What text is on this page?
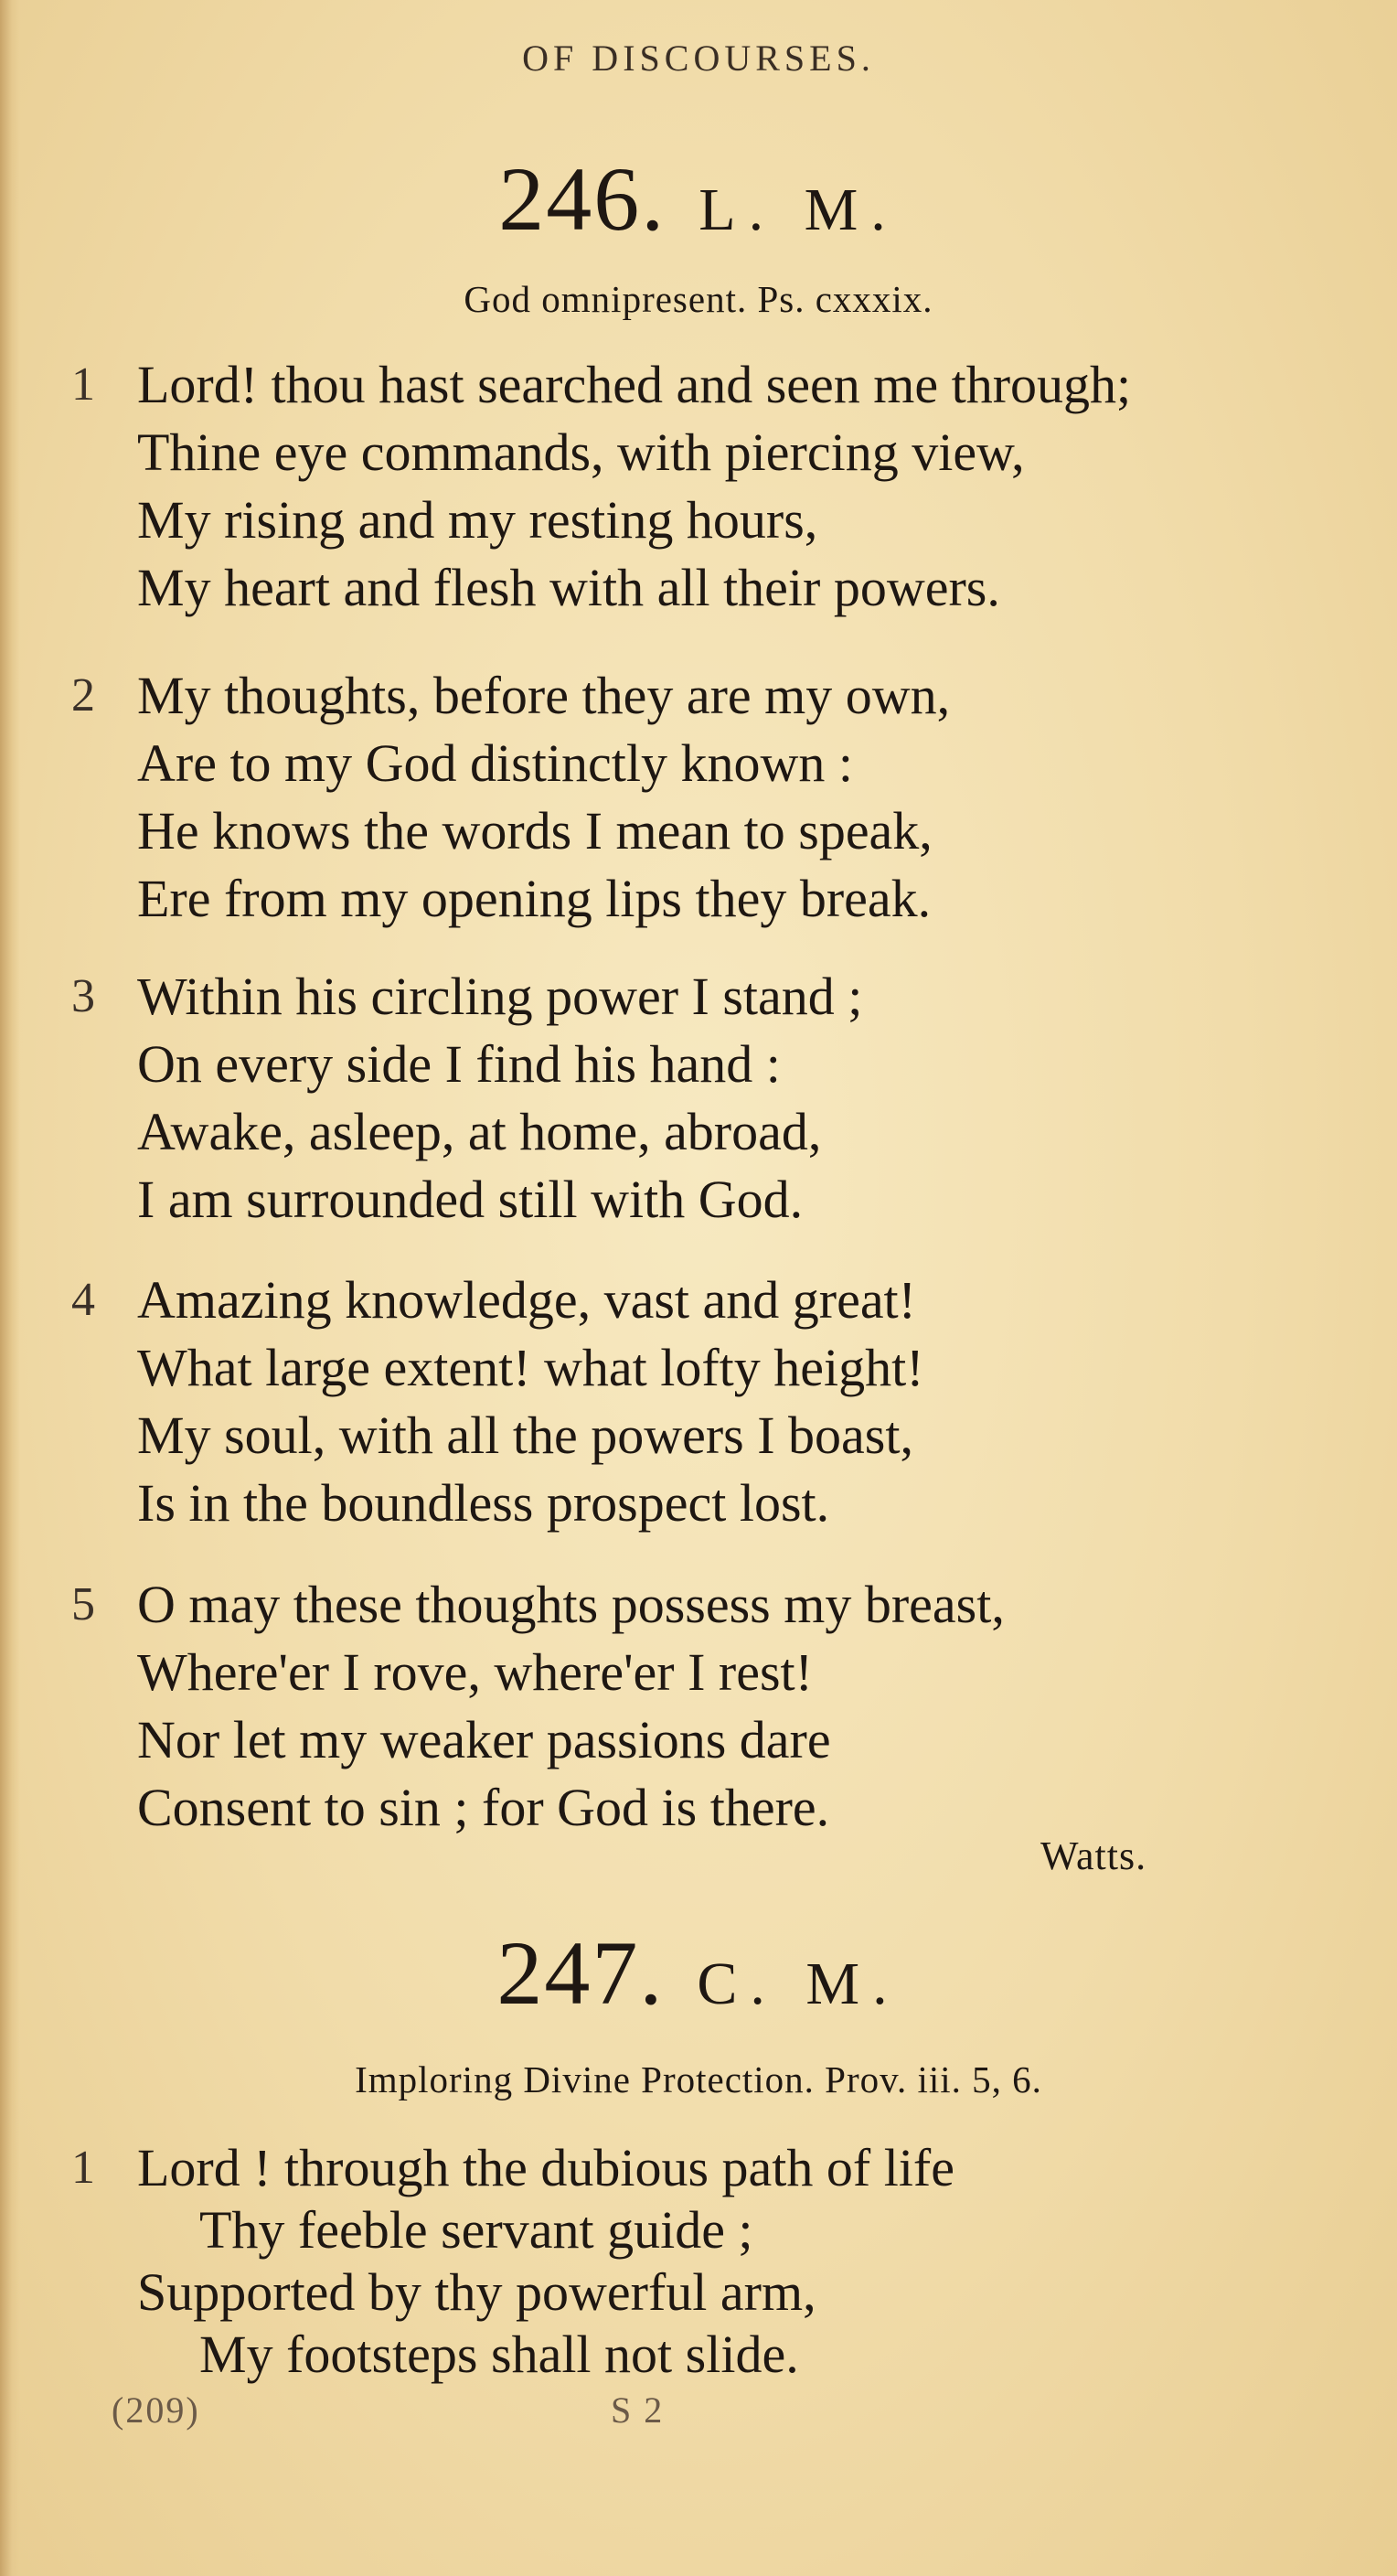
OF DISCOURSES.
246. L. M.
God omnipresent. Ps. cxxxix.
1 Lord! thou hast searched and seen me through;
Thine eye commands, with piercing view,
My rising and my resting hours,
My heart and flesh with all their powers.
2 My thoughts, before they are my own,
Are to my God distinctly known :
He knows the words I mean to speak,
Ere from my opening lips they break.
3 Within his circling power I stand ;
On every side I find his hand :
Awake, asleep, at home, abroad,
I am surrounded still with God.
4 Amazing knowledge, vast and great!
What large extent! what lofty height!
My soul, with all the powers I boast,
Is in the boundless prospect lost.
5 O may these thoughts possess my breast,
Where'er I rove, where'er I rest!
Nor let my weaker passions dare
Consent to sin ; for God is there.
Watts.
247. C. M.
Imploring Divine Protection. Prov. iii. 5, 6.
1 Lord ! through the dubious path of life
Thy feeble servant guide ;
Supported by thy powerful arm,
My footsteps shall not slide.
(209)	S 2
